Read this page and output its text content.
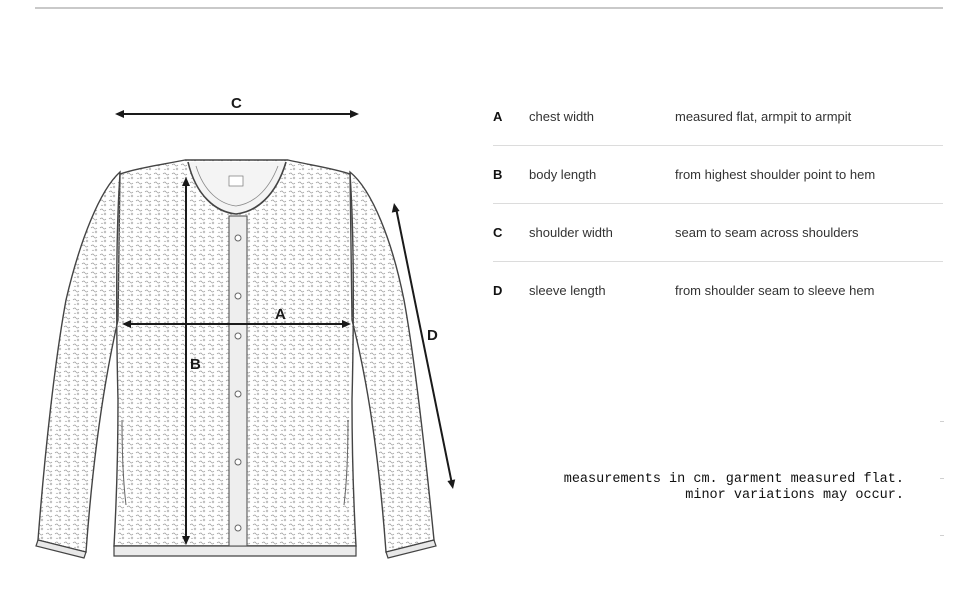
C
A
B
D
A	chest width	measured flat, armpit to armpit
B	body length	from highest shoulder point to hem
C	shoulder width	seam to seam across shoulders
D	sleeve length	from shoulder seam to sleeve hem
measurements in cm. garment measured flat.
minor variations may occur.
